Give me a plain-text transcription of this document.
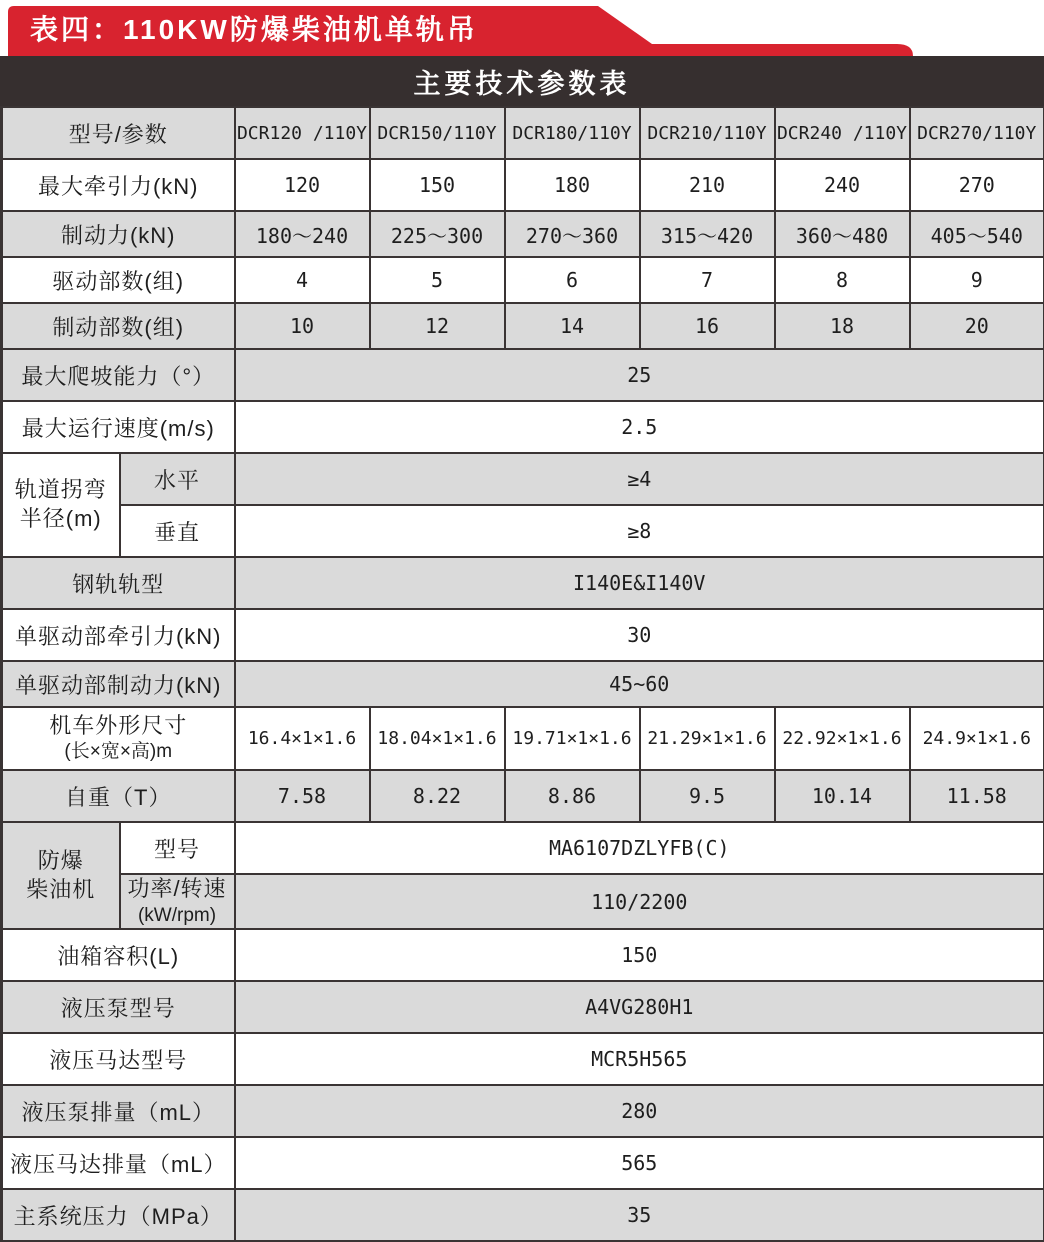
表四：110KW防爆柴油机单轨吊
主要技术参数表
型号/参数		DCR120 /110Y	DCR150/110Y	DCR180/110Y	DCR210/110Y	DCR240 /110Y	DCR270/110Y
最大牵引力(kN)		120	150	180	210	240	270
制动力(kN)		180～240	225～300	270～360	315～420	360～480	405～540
驱动部数(组)		4	5	6	7	8	9
制动部数(组)		10	12	14	16	18	20
最大爬坡能力（°）		25					
最大运行速度(m/s)		2.5					

轨道拐弯
半径(m)	水平	≥4					
	垂直	≥8					
钢轨轨型		I140E&I140V					
单驱动部牵引力(kN)		30					
单驱动部制动力(kN)		45~60					

机车外形尺寸
(长×宽×高)m		16.4×1×1.6	18.04×1×1.6	19.71×1×1.6	21.29×1×1.6	22.92×1×1.6	24.9×1×1.6
自重（T）		7.58	8.22	8.86	9.5	10.14	11.58

防爆
柴油机	型号	MA6107DZLYFB(C)					

	功率/转速
(kW/rpm)	110/2200					
油箱容积(L)		150					
液压泵型号		A4VG280H1					
液压马达型号		MCR5H565					
液压泵排量（mL）		280					
液压马达排量（mL）		565					
主系统压力（MPa）		35					
